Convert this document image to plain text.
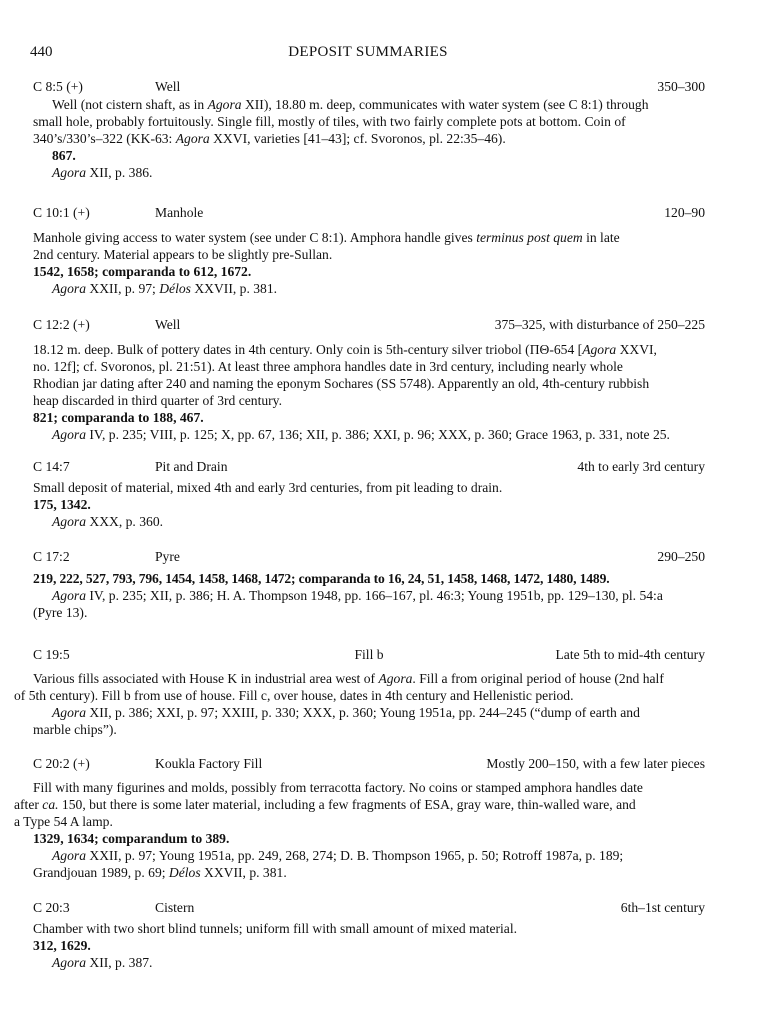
440	DEPOSIT SUMMARIES
C 8:5 (+)	Well	350–300
Well (not cistern shaft, as in Agora XII), 18.80 m. deep, communicates with water system (see C 8:1) through
small hole, probably fortuitously. Single fill, mostly of tiles, with two fairly complete pots at bottom. Coin of
340’s/330’s–322 (KK-63: Agora XXVI, varieties [41–43]; cf. Svoronos, pl. 22:35–46).
867.
Agora XII, p. 386.
C 10:1 (+)	Manhole	120–90
Manhole giving access to water system (see under C 8:1). Amphora handle gives terminus post quem in late
2nd century. Material appears to be slightly pre-Sullan.
1542, 1658; comparanda to 612, 1672.
Agora XXII, p. 97; Délos XXVII, p. 381.
C 12:2 (+)	Well	375–325, with disturbance of 250–225
18.12 m. deep. Bulk of pottery dates in 4th century. Only coin is 5th-century silver triobol (ΠΘ-654 [Agora XXVI,
no. 12f]; cf. Svoronos, pl. 21:51). At least three amphora handles date in 3rd century, including nearly whole
Rhodian jar dating after 240 and naming the eponym Sochares (SS 5748). Apparently an old, 4th-century rubbish
heap discarded in third quarter of 3rd century.
821; comparanda to 188, 467.
Agora IV, p. 235; VIII, p. 125; X, pp. 67, 136; XII, p. 386; XXI, p. 96; XXX, p. 360; Grace 1963, p. 331, note 25.
C 14:7	Pit and Drain	4th to early 3rd century
Small deposit of material, mixed 4th and early 3rd centuries, from pit leading to drain.
175, 1342.
Agora XXX, p. 360.
C 17:2	Pyre	290–250
219, 222, 527, 793, 796, 1454, 1458, 1468, 1472; comparanda to 16, 24, 51, 1458, 1468, 1472, 1480, 1489.
Agora IV, p. 235; XII, p. 386; H. A. Thompson 1948, pp. 166–167, pl. 46:3; Young 1951b, pp. 129–130, pl. 54:a
(Pyre 13).
C 19:5	Fill b	Late 5th to mid-4th century
Various fills associated with House K in industrial area west of Agora. Fill a from original period of house (2nd half
of 5th century). Fill b from use of house. Fill c, over house, dates in 4th century and Hellenistic period.
Agora XII, p. 386; XXI, p. 97; XXIII, p. 330; XXX, p. 360; Young 1951a, pp. 244–245 (“dump of earth and
marble chips”).
C 20:2 (+)	Koukla Factory Fill	Mostly 200–150, with a few later pieces
Fill with many figurines and molds, possibly from terracotta factory. No coins or stamped amphora handles date
after ca. 150, but there is some later material, including a few fragments of ESA, gray ware, thin-walled ware, and
a Type 54 A lamp.
1329, 1634; comparandum to 389.
Agora XXII, p. 97; Young 1951a, pp. 249, 268, 274; D. B. Thompson 1965, p. 50; Rotroff 1987a, p. 189;
Grandjouan 1989, p. 69; Délos XXVII, p. 381.
C 20:3	Cistern	6th–1st century
Chamber with two short blind tunnels; uniform fill with small amount of mixed material.
312, 1629.
Agora XII, p. 387.
